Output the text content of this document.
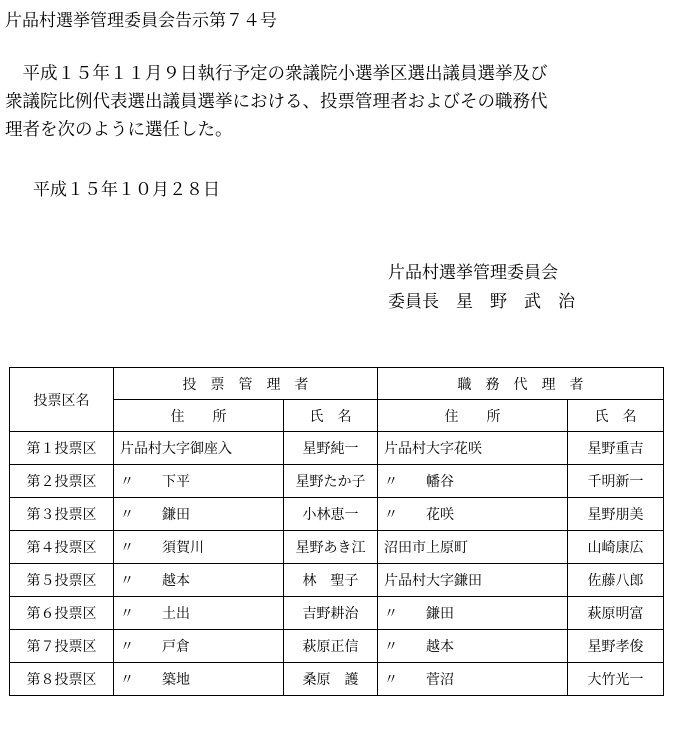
片品村選挙管理委員会告示第７４号

　平成１５年１１月９日執行予定の衆議院小選挙区選出議員選挙及び

衆議院比例代表選出議員選挙における、投票管理者およびその職務代

理者を次のように選任した。

平成１５年１０月２８日
片品村選挙管理委員会
委員長　星　野　武　治
投票区名	投　票　管　理　者		職　務　代　理　者	
	住　　所	氏　名	住　　所	氏　名
第１投票区	片品村大字御座入	星野純一	片品村大字花咲	星野重吉
第２投票区	〃　　下平	星野たか子	〃　　幡谷	千明新一
第３投票区	〃　　鎌田	小林恵一	〃　　花咲	星野朋美
第４投票区	〃　　須賀川	星野あき江	沼田市上原町	山崎康広
第５投票区	〃　　越本	林　聖子	片品村大字鎌田	佐藤八郎
第６投票区	〃　　土出	吉野耕治	〃　　鎌田	萩原明富
第７投票区	〃　　戸倉	萩原正信	〃　　越本	星野孝俊
第８投票区	〃　　築地	桑原　護	〃　　菅沼	大竹光一
